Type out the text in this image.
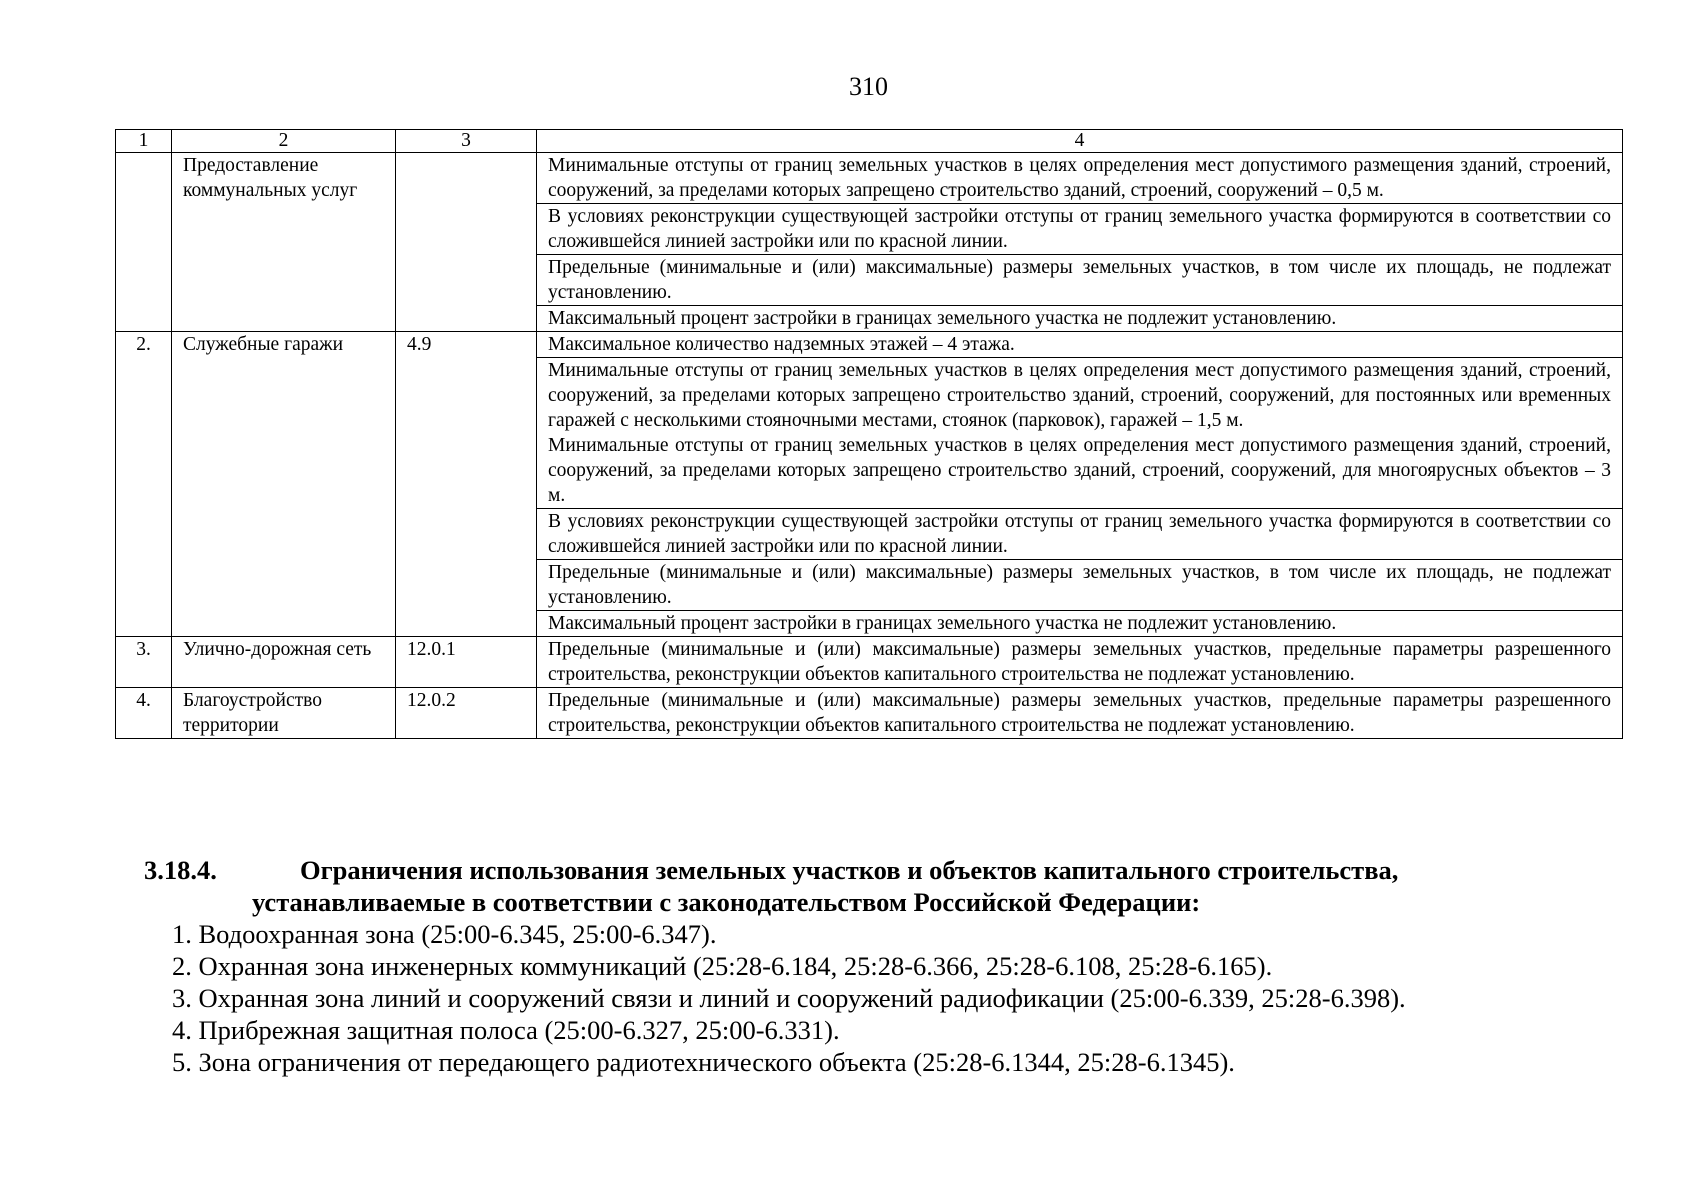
310
1	2	3	4
	Предоставление коммунальных услуг		Минимальные отступы от границ земельных участков в целях определения мест допустимого размещения зданий, строений, сооружений, за пределами которых запрещено строительство зданий, строений, сооружений – 0,5 м.
			В условиях реконструкции существующей застройки отступы от границ земельного участка формируются в соответствии со сложившейся линией застройки или по красной линии.
			Предельные (минимальные и (или) максимальные) размеры земельных участков, в том числе их площадь, не подлежат установлению.
			Максимальный процент застройки в границах земельного участка не подлежит установлению.
2.	Служебные гаражи	4.9	Максимальное количество надземных этажей – 4 этажа.
			Минимальные отступы от границ земельных участков в целях определения мест допустимого размещения зданий, строений, сооружений, за пределами которых запрещено строительство зданий, строений, сооружений, для постоянных или временных гаражей с несколькими стояночными местами, стоянок (парковок), гаражей – 1,5 м.
Минимальные отступы от границ земельных участков в целях определения мест допустимого размещения зданий, строений, сооружений, за пределами которых запрещено строительство зданий, строений, сооружений, для многоярусных объектов – 3 м.
			В условиях реконструкции существующей застройки отступы от границ земельного участка формируются в соответствии со сложившейся линией застройки или по красной линии.
			Предельные (минимальные и (или) максимальные) размеры земельных участков, в том числе их площадь, не подлежат установлению.
			Максимальный процент застройки в границах земельного участка не подлежит установлению.
3.	Улично-дорожная сеть	12.0.1	Предельные (минимальные и (или) максимальные) размеры земельных участков, предельные параметры разрешенного строительства, реконструкции объектов капитального строительства не подлежат установлению.
4.	Благоустройство территории	12.0.2	Предельные (минимальные и (или) максимальные) размеры земельных участков, предельные параметры разрешенного строительства, реконструкции объектов капитального строительства не подлежат установлению.

3.18.4.	Ограничения использования земельных участков и объектов капитального строительства,
устанавливаемые в соответствии с законодательством Российской Федерации:

1. Водоохранная зона (25:00-6.345, 25:00-6.347).
2. Охранная зона инженерных коммуникаций (25:28-6.184, 25:28-6.366, 25:28-6.108, 25:28-6.165).
3. Охранная зона линий и сооружений связи и линий и сооружений радиофикации (25:00-6.339, 25:28-6.398).
4. Прибрежная защитная полоса (25:00-6.327, 25:00-6.331).
5. Зона ограничения от передающего радиотехнического объекта (25:28-6.1344, 25:28-6.1345).
